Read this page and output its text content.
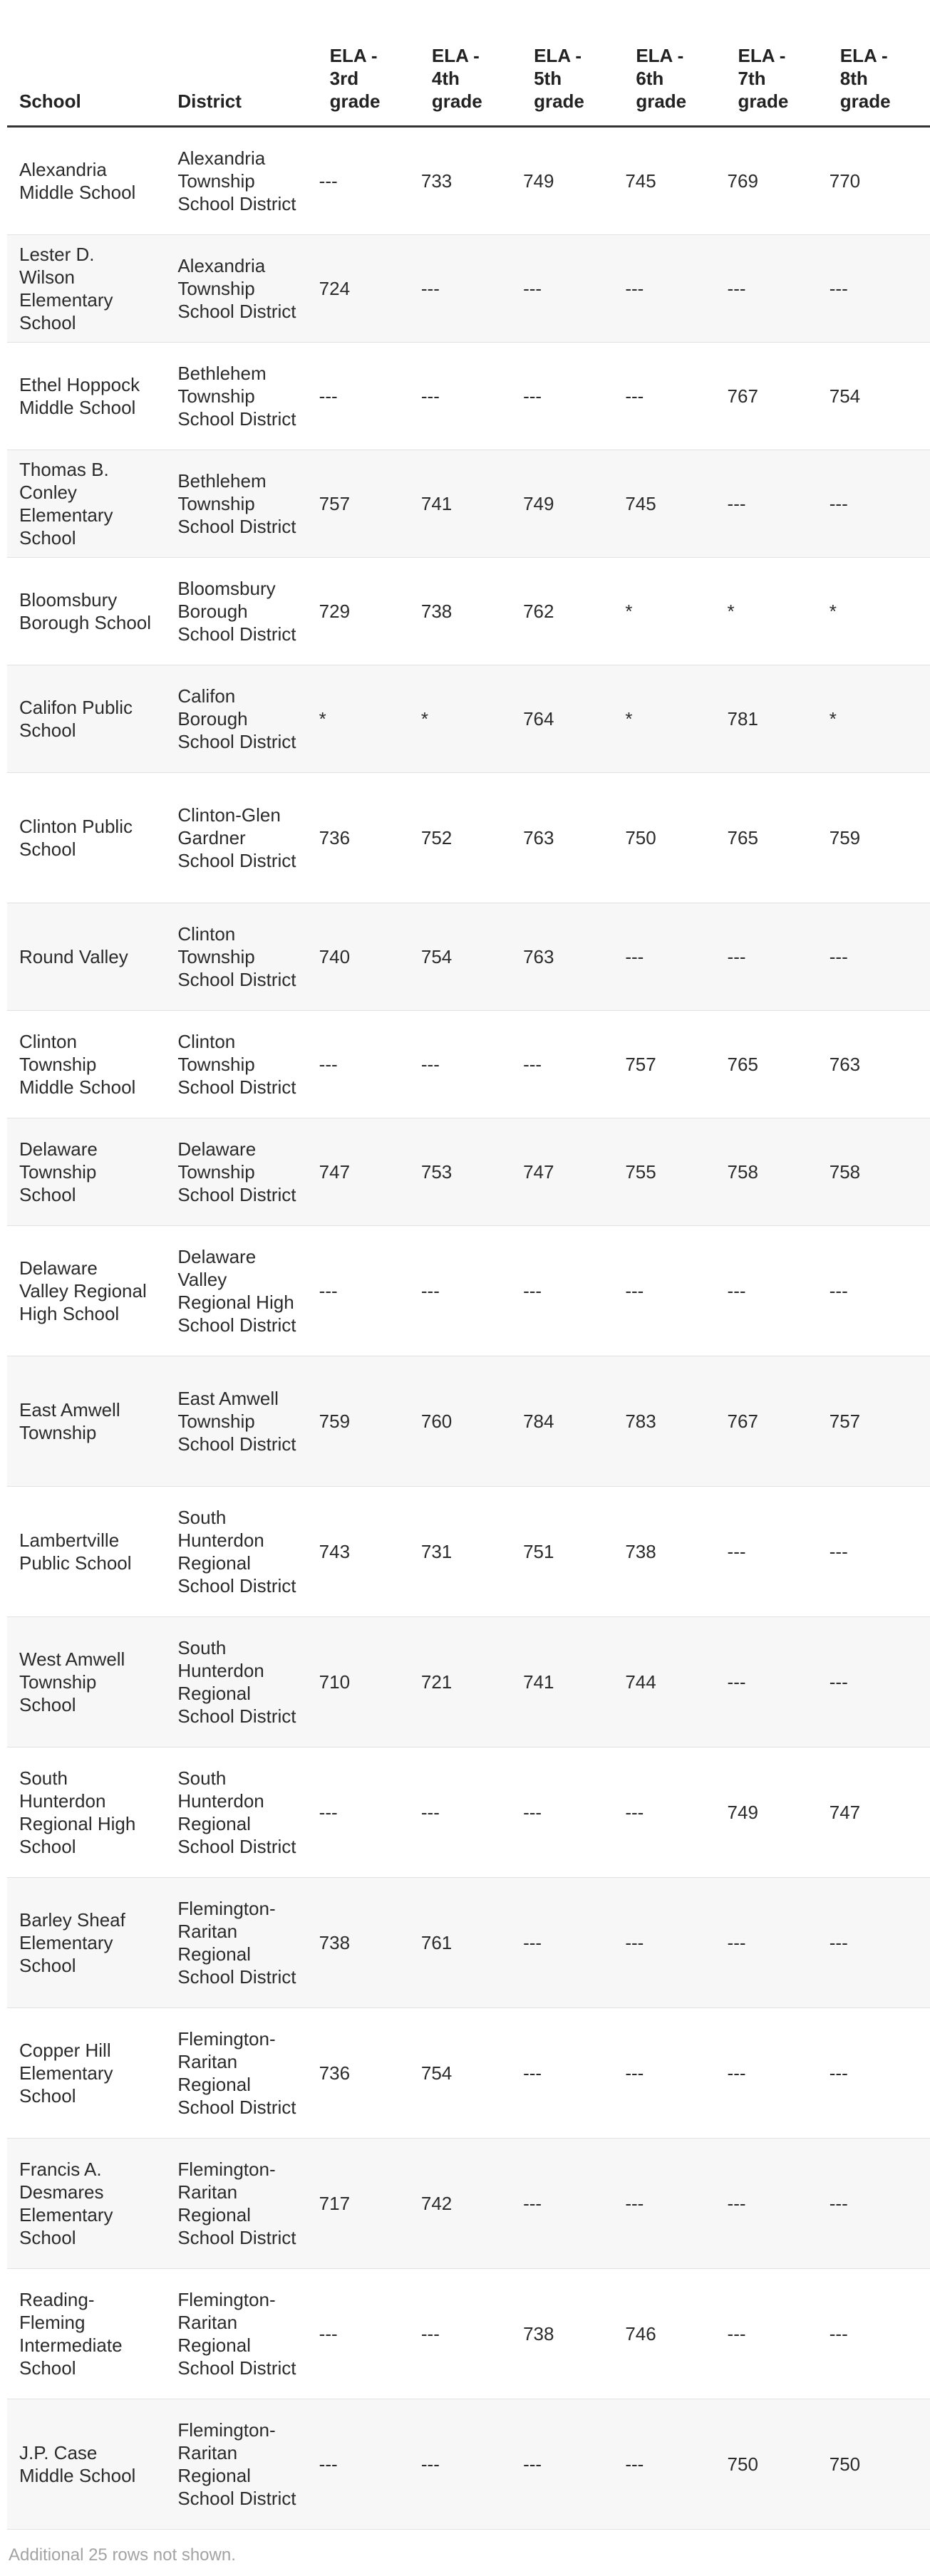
School	District	ELA - 3rd grade	ELA - 4th grade	ELA - 5th grade	ELA - 6th grade	ELA - 7th grade	ELA - 8th grade
Alexandria Middle School	Alexandria Township School District	---	733	749	745	769	770
Lester D. Wilson Elementary School	Alexandria Township School District	724	---	---	---	---	---
Ethel Hoppock Middle School	Bethlehem Township School District	---	---	---	---	767	754
Thomas B. Conley Elementary School	Bethlehem Township School District	757	741	749	745	---	---
Bloomsbury Borough School	Bloomsbury Borough School District	729	738	762	*	*	*
Califon Public School	Califon Borough School District	*	*	764	*	781	*
Clinton Public School	Clinton-Glen Gardner School District	736	752	763	750	765	759
Round Valley	Clinton Township School District	740	754	763	---	---	---
Clinton Township Middle School	Clinton Township School District	---	---	---	757	765	763
Delaware Township School	Delaware Township School District	747	753	747	755	758	758
Delaware Valley Regional High School	Delaware Valley Regional High School District	---	---	---	---	---	---
East Amwell Township	East Amwell Township School District	759	760	784	783	767	757
Lambertville Public School	South Hunterdon Regional School District	743	731	751	738	---	---
West Amwell Township School	South Hunterdon Regional School District	710	721	741	744	---	---
South Hunterdon Regional High School	South Hunterdon Regional School District	---	---	---	---	749	747
Barley Sheaf Elementary School	Flemington-Raritan Regional School District	738	761	---	---	---	---
Copper Hill Elementary School	Flemington-Raritan Regional School District	736	754	---	---	---	---
Francis A. Desmares Elementary School	Flemington-Raritan Regional School District	717	742	---	---	---	---
Reading-Fleming Intermediate School	Flemington-Raritan Regional School District	---	---	738	746	---	---
J.P. Case Middle School	Flemington-Raritan Regional School District	---	---	---	---	750	750
Additional 25 rows not shown.
